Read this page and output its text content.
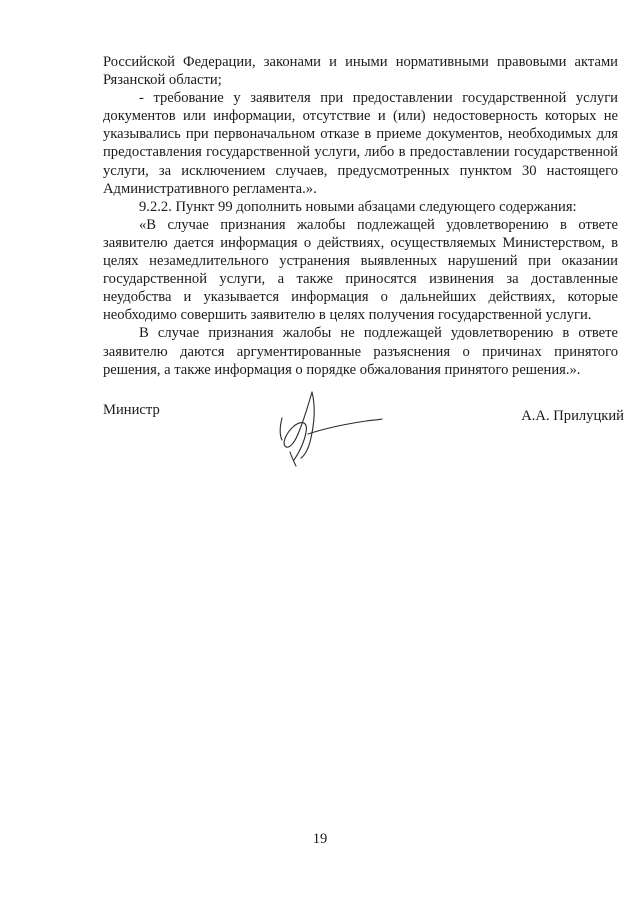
Российской Федерации, законами и иными нормативными правовыми актами Рязанской области;

- требование у заявителя при предоставлении государственной услуги документов или информации, отсутствие и (или) недостоверность которых не указывались при первоначальном отказе в приеме документов, необходимых для предоставления государственной услуги, либо в предоставлении государственной услуги, за исключением случаев, предусмотренных пунктом 30 настоящего Административного регламента.».

9.2.2. Пункт 99 дополнить новыми абзацами следующего содержания:

«В случае признания жалобы подлежащей удовлетворению в ответе заявителю дается информация о действиях, осуществляемых Министерством, в целях незамедлительного устранения выявленных нарушений при оказании государственной услуги, а также приносятся извинения за доставленные неудобства и указывается информация о дальнейших действиях, которые необходимо совершить заявителю в целях получения государственной услуги.

В случае признания жалобы не подлежащей удовлетворению в ответе заявителю даются аргументированные разъяснения о причинах принятого решения, а также информация о порядке обжалования принятого решения.».

Министр	А.А. Прилуцкий
19
